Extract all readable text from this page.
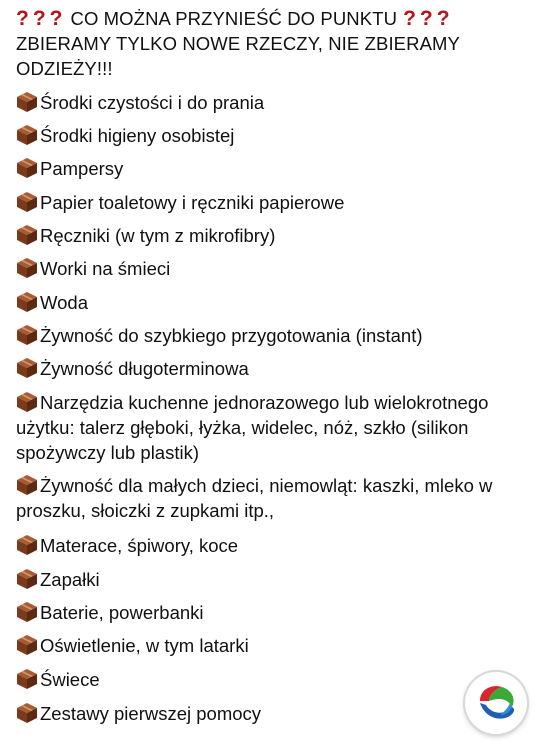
??? CO MOŻNA PRZYNIEŚĆ DO PUNKTU ???
ZBIERAMY TYLKO NOWE RZECZY, NIE ZBIERAMY ODZIEŻY!!!
Środki czystości i do prania
Środki higieny osobistej
Pampersy
Papier toaletowy i ręczniki papierowe
Ręczniki (w tym z mikrofibry)
Worki na śmieci
Woda
Żywność do szybkiego przygotowania (instant)
Żywność długoterminowa
Narzędzia kuchenne jednorazowego lub wielokrotnego użytku: talerz głęboki, łyżka, widelec, nóż, szkło (silikon spożywczy lub plastik)
Żywność dla małych dzieci, niemowląt: kaszki, mleko w proszku, słoiczki z zupkami itp.,
Materace, śpiwory, koce
Zapałki
Baterie, powerbanki
Oświetlenie, w tym latarki
Świece
Zestawy pierwszej pomocy
